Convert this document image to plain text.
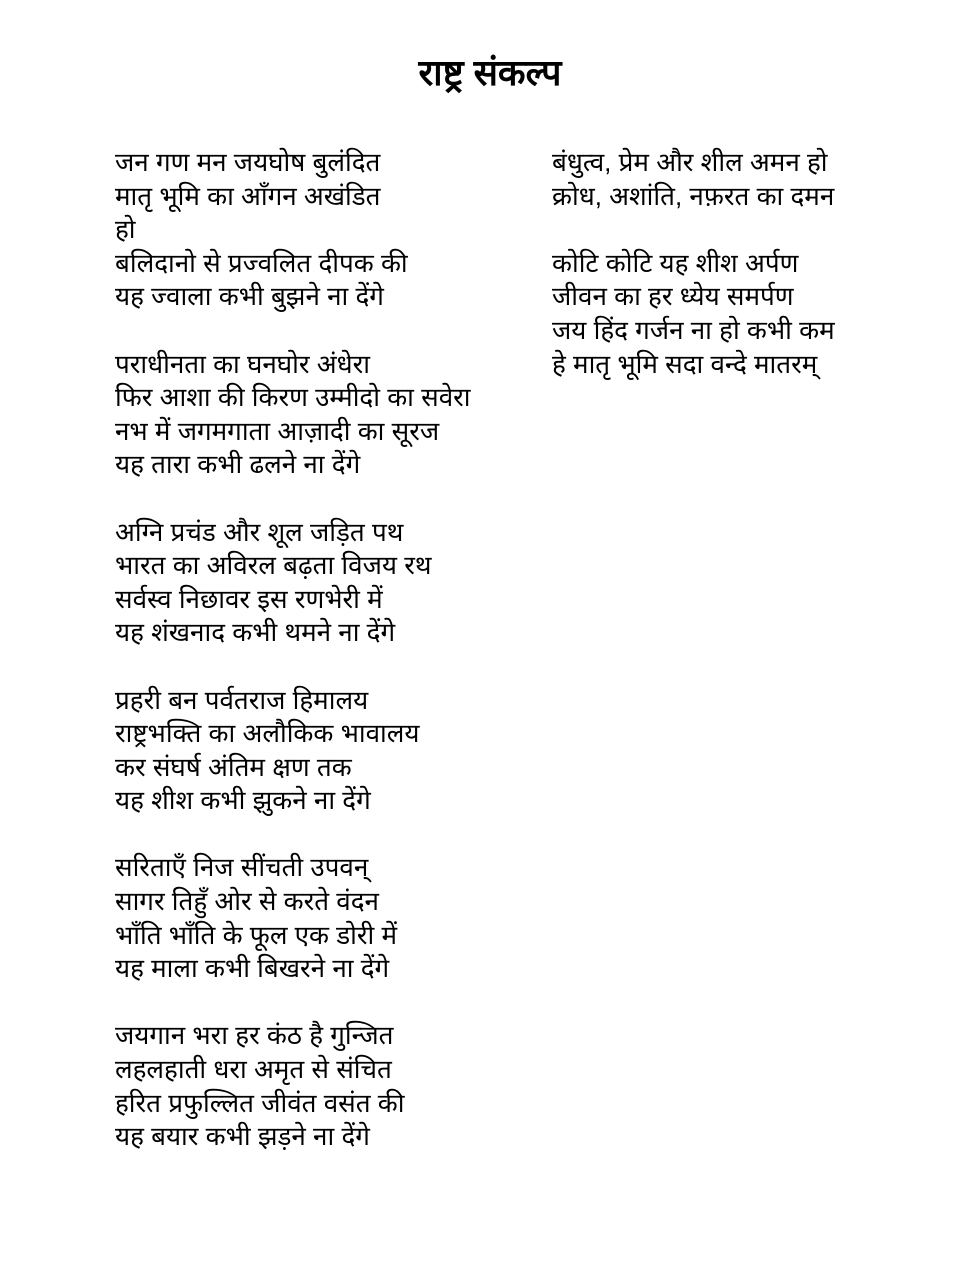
राष्ट्र संकल्प
जन गण मन जयघोष बुलंदित
मातृ भूमि का आँगन अखंडित
हो
बलिदानो से प्रज्वलित दीपक की
यह ज्वाला कभी बुझने ना देंगे
पराधीनता का घनघोर अंधेरा
फिर आशा की किरण उम्मीदो का सवेरा
नभ में जगमगाता आज़ादी का सूरज
यह तारा कभी ढलने ना देंगे
अग्नि प्रचंड और शूल जड़ित पथ
भारत का अविरल बढ़ता विजय रथ
सर्वस्व निछावर इस रणभेरी में
यह शंखनाद कभी थमने ना देंगे
प्रहरी बन पर्वतराज हिमालय
राष्ट्रभक्ति का अलौकिक भावालय
कर संघर्ष अंतिम क्षण तक
यह शीश कभी झुकने ना देंगे
सरिताएँ निज सींचती उपवन्
सागर तिहुँ ओर से करते वंदन
भाँति भाँति के फूल एक डोरी में
यह माला कभी बिखरने ना देंगे
जयगान भरा हर कंठ है गुन्जित
लहलहाती धरा अमृत से संचित
हरित प्रफुल्लित जीवंत वसंत की
यह बयार कभी झड़ने ना देंगे
बंधुत्व, प्रेम और शील अमन हो
क्रोध, अशांति, नफ़रत का दमन
कोटि कोटि यह शीश अर्पण
जीवन का हर ध्येय समर्पण
जय हिंद गर्जन ना हो कभी कम
हे मातृ भूमि सदा वन्दे मातरम्
